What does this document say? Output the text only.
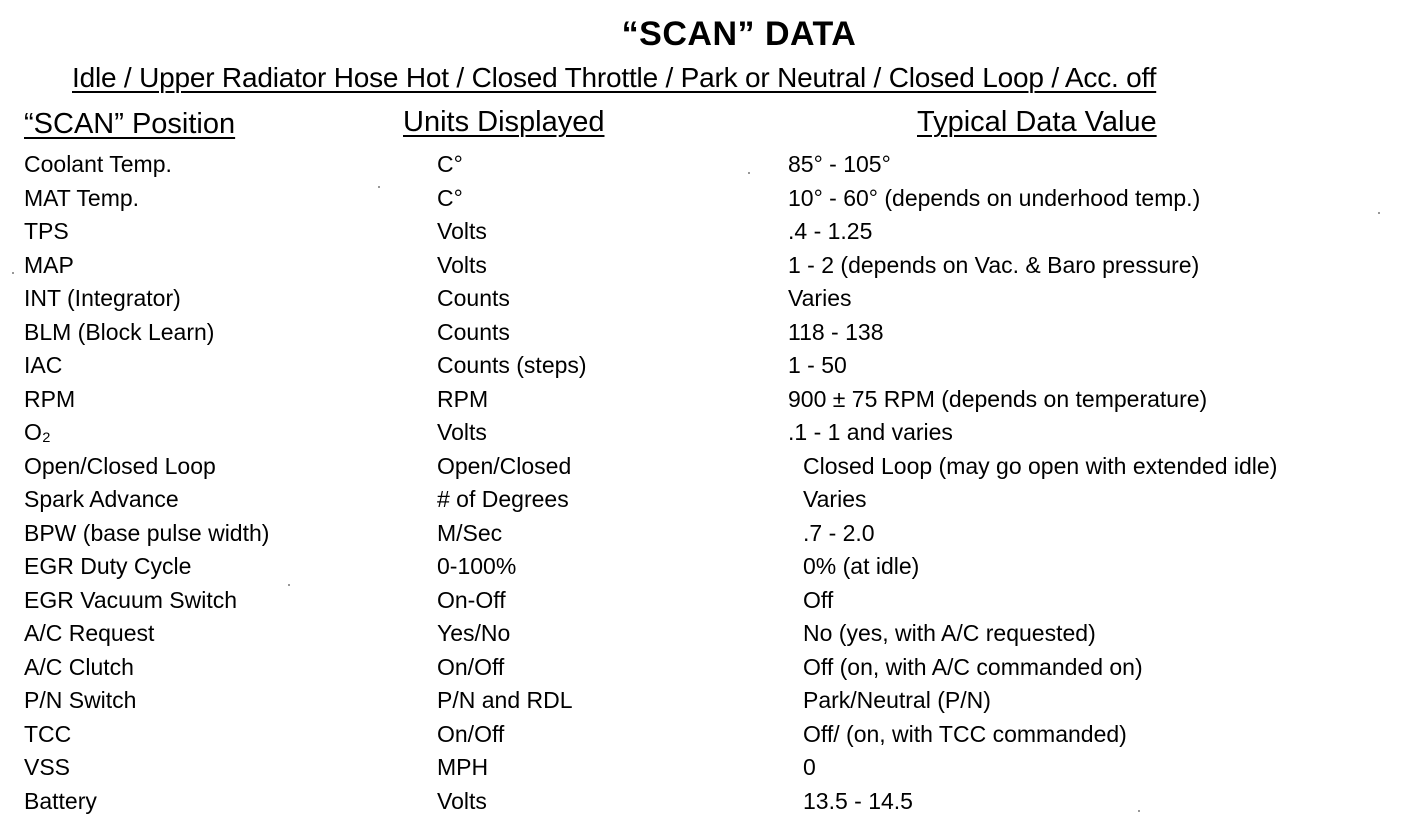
“SCAN” DATA
Idle / Upper Radiator Hose Hot / Closed Throttle / Park or Neutral / Closed Loop / Acc. off
“SCAN” Position	Units Displayed	Typical Data Value
Coolant Temp.	C°	85° - 105°
MAT Temp.	C°	10° - 60° (depends on underhood temp.)
TPS	Volts	.4 - 1.25
MAP	Volts	1 - 2 (depends on Vac. & Baro pressure)
INT (Integrator)	Counts	Varies
BLM (Block Learn)	Counts	118 - 138
IAC	Counts (steps)	1 - 50
RPM	RPM	900 ± 75 RPM (depends on temperature)
O₂	Volts	.1 - 1 and varies
Open/Closed Loop	Open/Closed	Closed Loop (may go open with extended idle)
Spark Advance	# of Degrees	Varies
BPW (base pulse width)	M/Sec	.7 - 2.0
EGR Duty Cycle	0-100%	0% (at idle)
EGR Vacuum Switch	On-Off	Off
A/C Request	Yes/No	No (yes, with A/C requested)
A/C Clutch	On/Off	Off (on, with A/C commanded on)
P/N Switch	P/N and RDL	Park/Neutral (P/N)
TCC	On/Off	Off/ (on, with TCC commanded)
VSS	MPH	0
Battery	Volts	13.5 - 14.5
